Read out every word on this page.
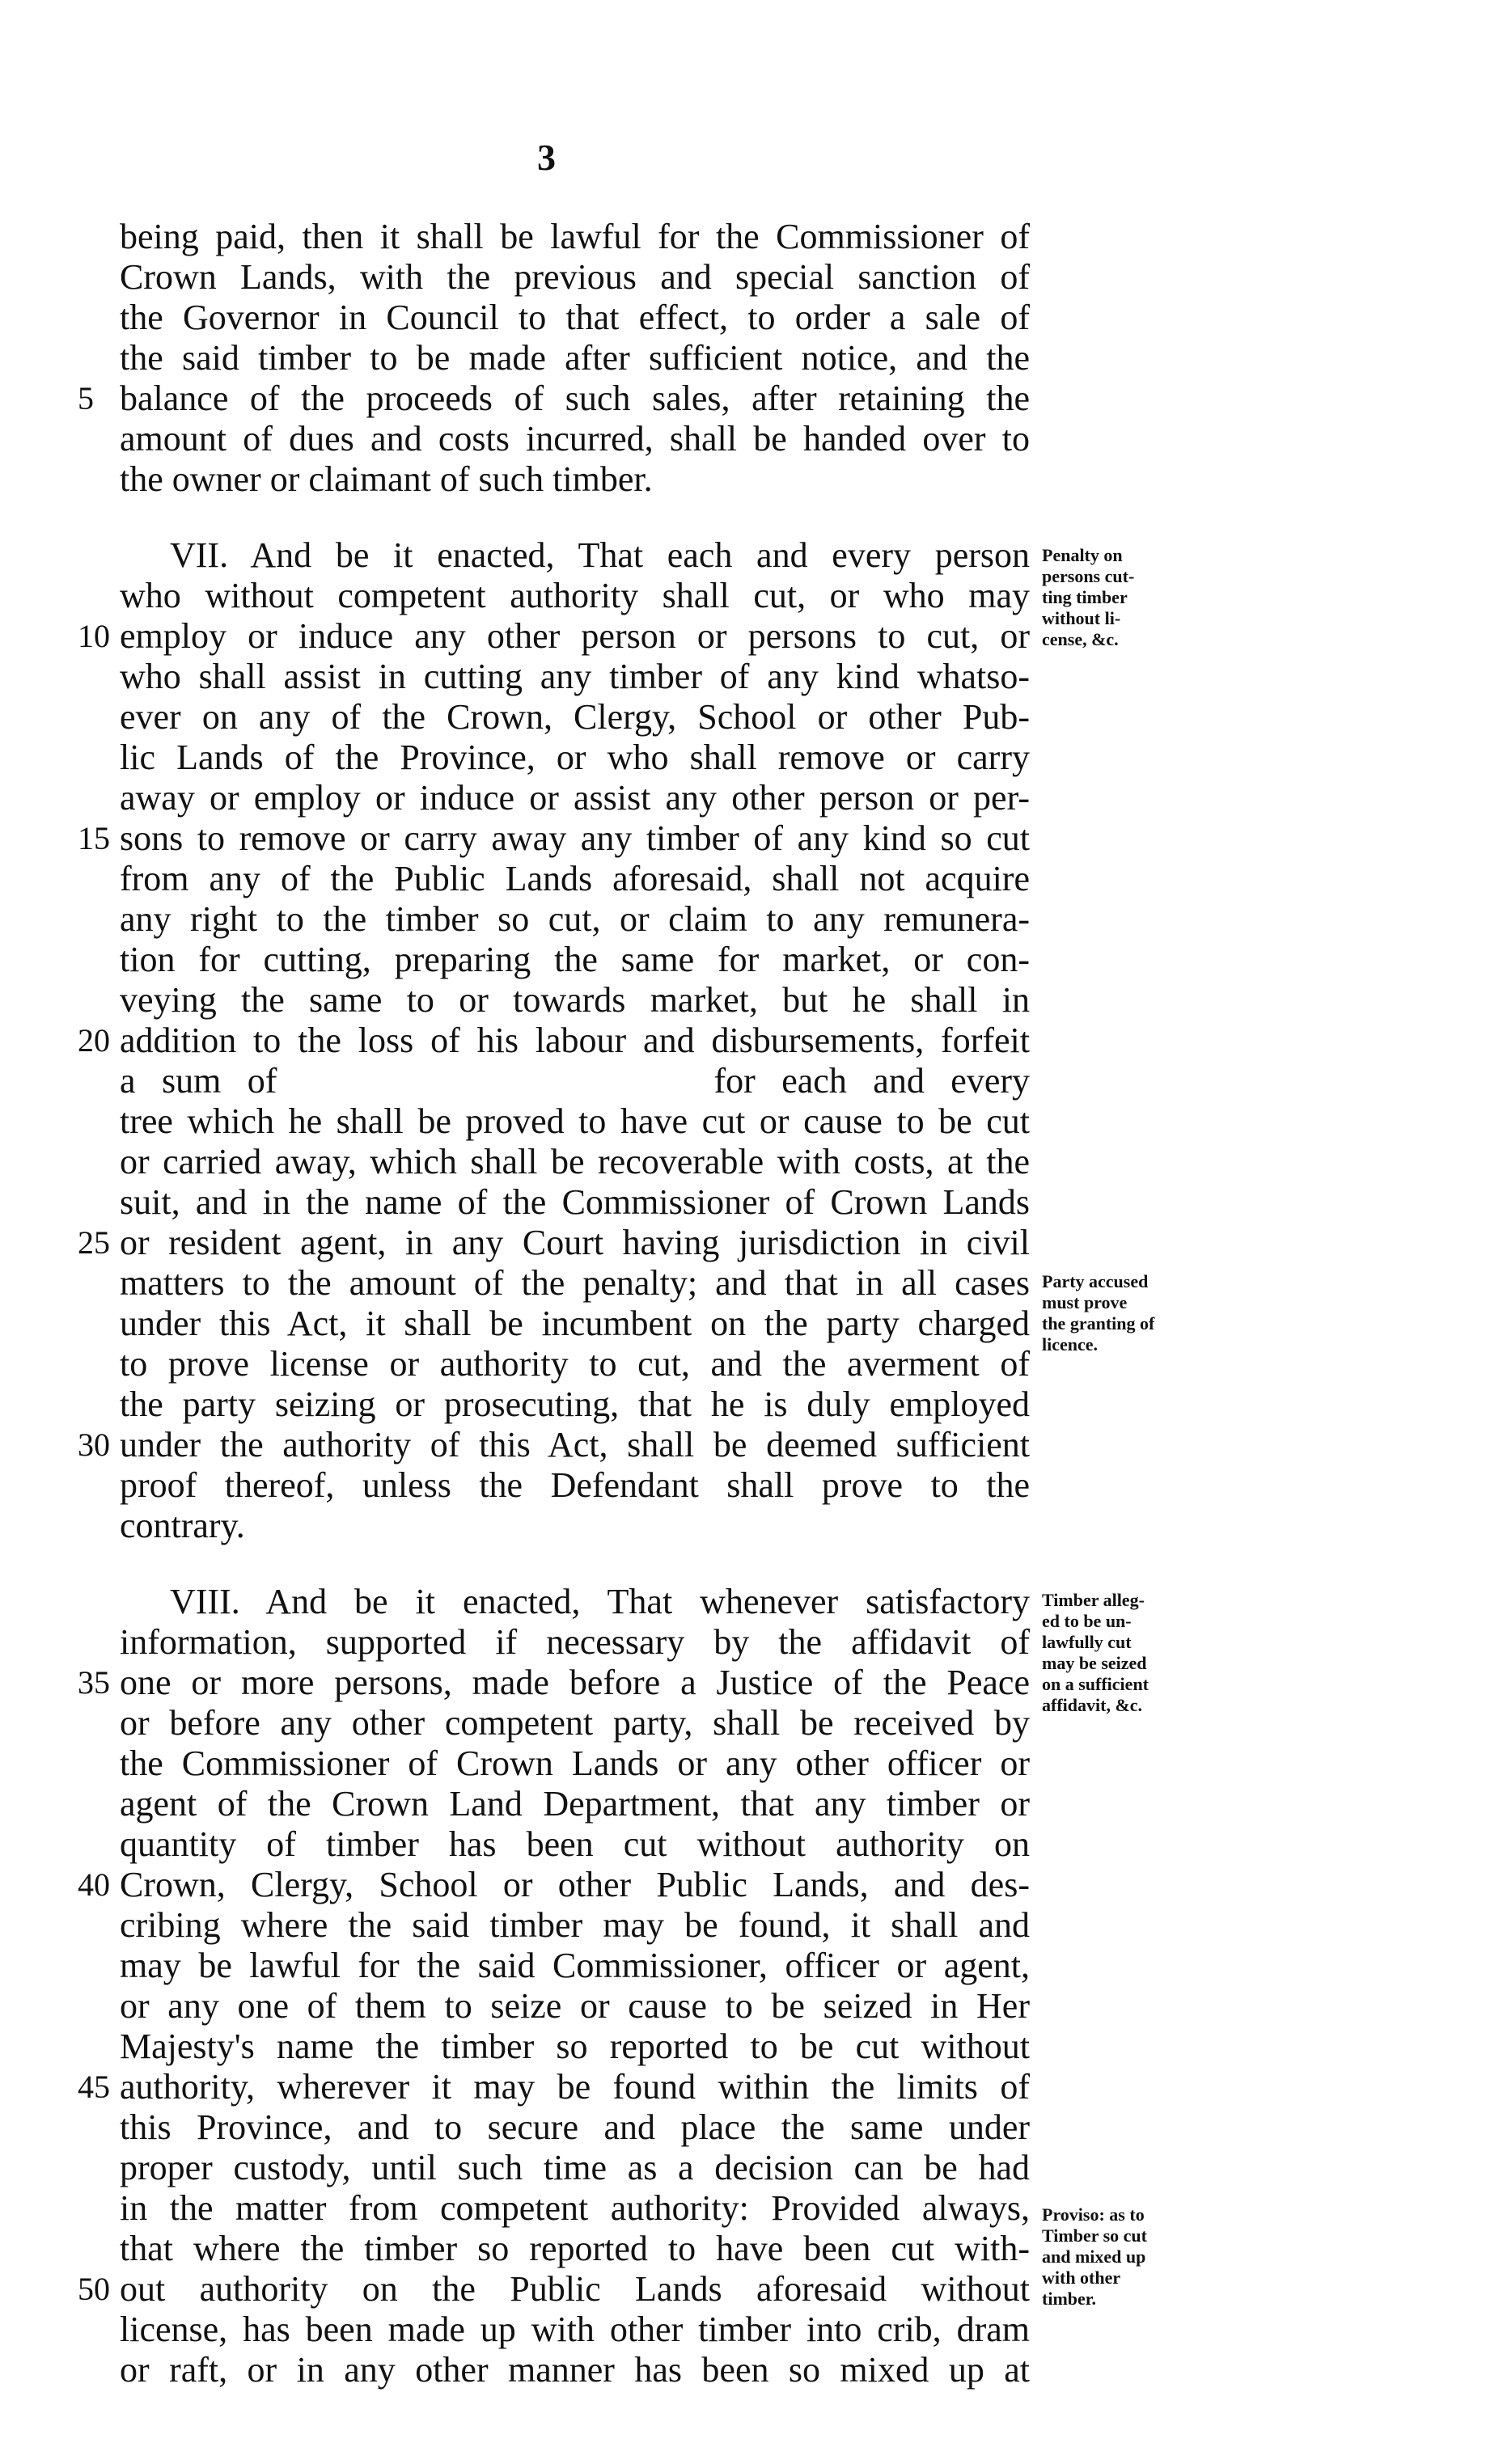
3
being paid, then it shall be lawful for the Commissioner of
Crown Lands, with the previous and special sanction of
the Governor in Council to that effect, to order a sale of
the said timber to be made after sufficient notice, and the
5 balance of the proceeds of such sales, after retaining the
amount of dues and costs incurred, shall be handed over to
the owner or claimant of such timber.
VII. And be it enacted, That each and every person
who without competent authority shall cut, or who may
10 employ or induce any other person or persons to cut, or
who shall assist in cutting any timber of any kind whatso-
ever on any of the Crown, Clergy, School or other Pub-
lic Lands of the Province, or who shall remove or carry
away or employ or induce or assist any other person or per-
15 sons to remove or carry away any timber of any kind so cut
from any of the Public Lands aforesaid, shall not acquire
any right to the timber so cut, or claim to any remunera-
tion for cutting, preparing the same for market, or con-
veying the same to or towards market, but he shall in
20 addition to the loss of his labour and disbursements, forfeit
a sum of	for each and every
tree which he shall be proved to have cut or cause to be cut
or carried away, which shall be recoverable with costs, at the
suit, and in the name of the Commissioner of Crown Lands
25 or resident agent, in any Court having jurisdiction in civil
matters to the amount of the penalty; and that in all cases
under this Act, it shall be incumbent on the party charged
to prove license or authority to cut, and the averment of
the party seizing or prosecuting, that he is duly employed
30 under the authority of this Act, shall be deemed sufficient
proof thereof, unless the Defendant shall prove to the
contrary.
VIII. And be it enacted, That whenever satisfactory
information, supported if necessary by the affidavit of
35 one or more persons, made before a Justice of the Peace
or before any other competent party, shall be received by
the Commissioner of Crown Lands or any other officer or
agent of the Crown Land Department, that any timber or
quantity of timber has been cut without authority on
40 Crown, Clergy, School or other Public Lands, and des-
cribing where the said timber may be found, it shall and
may be lawful for the said Commissioner, officer or agent,
or any one of them to seize or cause to be seized in Her
Majesty's name the timber so reported to be cut without
45 authority, wherever it may be found within the limits of
this Province, and to secure and place the same under
proper custody, until such time as a decision can be had
in the matter from competent authority: Provided always,
that where the timber so reported to have been cut with-
50 out authority on the Public Lands aforesaid without
license, has been made up with other timber into crib, dram
or raft, or in any other manner has been so mixed up at
Penalty on
persons cut-
ting timber
without li-
cense, &c.
Party accused
must prove
the granting of
licence.
Timber alleg-
ed to be un-
lawfully cut
may be seized
on a sufficient
affidavit, &c.
Proviso: as to
Timber so cut
and mixed up
with other
timber.
